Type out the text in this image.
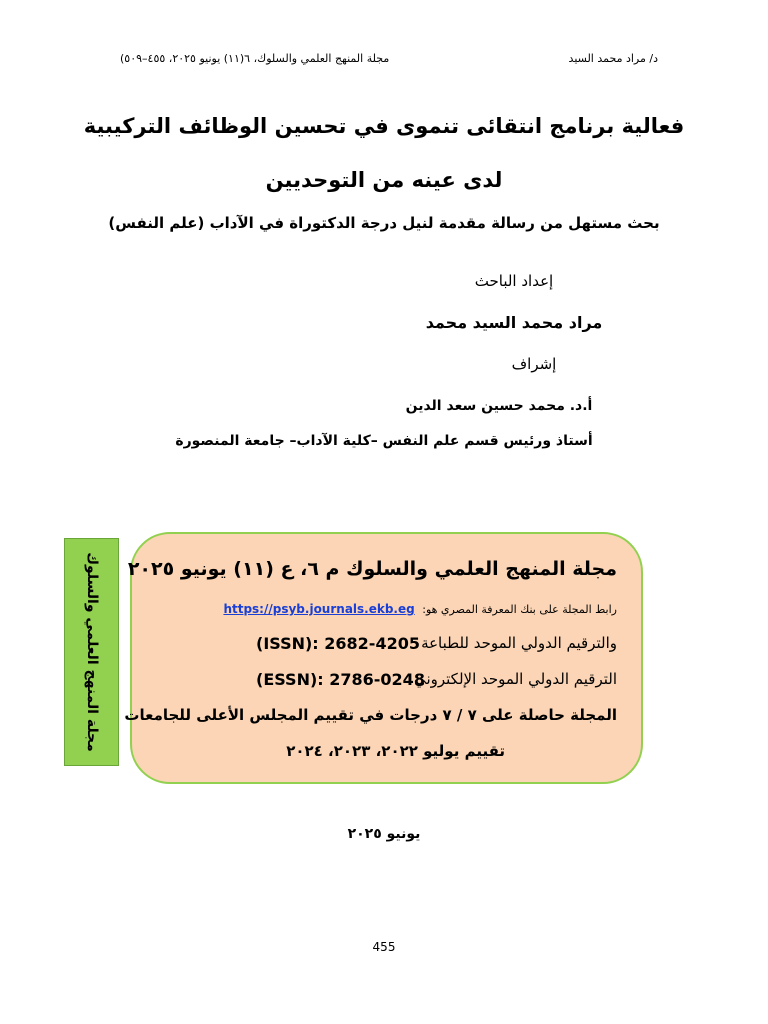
د/ مراد محمد السيد
مجلة المنهج العلمي والسلوك، ٦(١١) يونيو ٢٠٢٥، ٤٥٥–٥٠٩)
فعالية برنامج انتقائى تنموى في تحسين الوظائف التركيبية
لدى عينه من التوحديين
بحث مستهل من رسالة مقدمة لنيل درجة الدكتوراة في الآداب (علم النفس)
إعداد الباحث
مراد محمد السيد محمد
إشراف
أ.د. محمد حسين سعد الدين
أستاذ ورئيس قسم علم النفس –كلية الآداب– جامعة المنصورة
مجلة المنهج العلمي والسلوك مجلة المنهج العلمي والسلوك م ٦، ع (١١) يونيو ٢٠٢٥
رابط المجلة على بنك المعرفة المصري هو: https://psyb.journals.ekb.eg
والترقيم الدولي الموحد للطباعة
(ISSN): 2682-4205
الترقيم الدولي الموحد الإلكتروني
(ESSN): 2786-0248
المجلة حاصلة على ٧ / ٧ درجات في تقييم المجلس الأعلى للجامعات
تقييم يوليو ٢٠٢٢، ٢٠٢٣، ٢٠٢٤
يونيو ٢٠٢٥
455
